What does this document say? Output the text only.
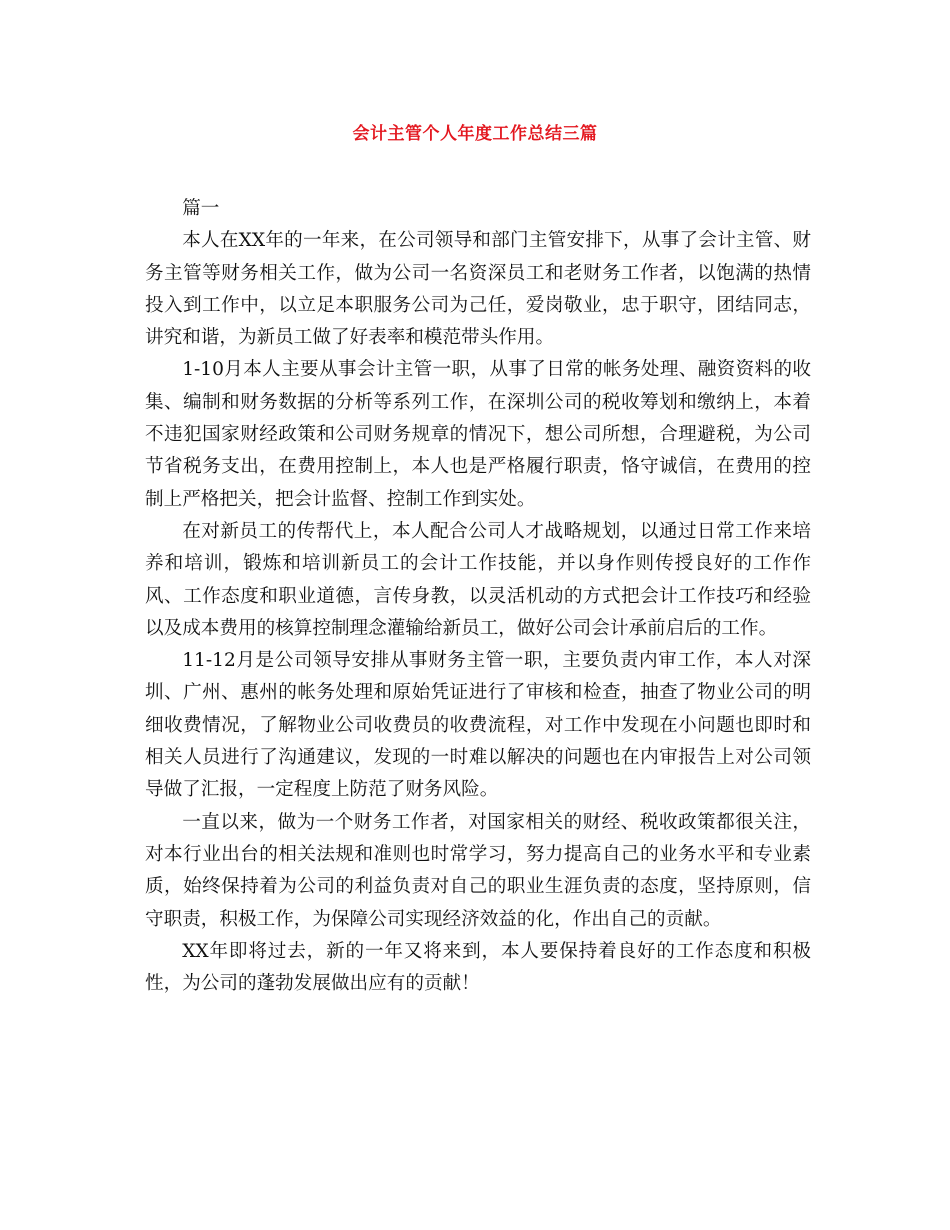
会计主管个人年度工作总结三篇

篇一

本人在XX年的一年来，在公司领导和部门主管安排下，从事了会计主管、财务主管等财务相关工作，做为公司一名资深员工和老财务工作者，以饱满的热情投入到工作中，以立足本职服务公司为己任，爱岗敬业，忠于职守，团结同志，讲究和谐，为新员工做了好表率和模范带头作用。

1-10月本人主要从事会计主管一职，从事了日常的帐务处理、融资资料的收集、编制和财务数据的分析等系列工作，在深圳公司的税收筹划和缴纳上，本着不违犯国家财经政策和公司财务规章的情况下，想公司所想，合理避税，为公司节省税务支出，在费用控制上，本人也是严格履行职责，恪守诚信，在费用的控制上严格把关，把会计监督、控制工作到实处。

在对新员工的传帮代上，本人配合公司人才战略规划，以通过日常工作来培养和培训，锻炼和培训新员工的会计工作技能，并以身作则传授良好的工作作风、工作态度和职业道德，言传身教，以灵活机动的方式把会计工作技巧和经验以及成本费用的核算控制理念灌输给新员工，做好公司会计承前启后的工作。

11-12月是公司领导安排从事财务主管一职，主要负责内审工作，本人对深圳、广州、惠州的帐务处理和原始凭证进行了审核和检查，抽查了物业公司的明细收费情况，了解物业公司收费员的收费流程，对工作中发现在小问题也即时和相关人员进行了沟通建议，发现的一时难以解决的问题也在内审报告上对公司领导做了汇报，一定程度上防范了财务风险。

一直以来，做为一个财务工作者，对国家相关的财经、税收政策都很关注，对本行业出台的相关法规和准则也时常学习，努力提高自己的业务水平和专业素质，始终保持着为公司的利益负责对自己的职业生涯负责的态度，坚持原则，信守职责，积极工作，为保障公司实现经济效益的化，作出自己的贡献。

XX年即将过去，新的一年又将来到，本人要保持着良好的工作态度和积极性，为公司的蓬勃发展做出应有的贡献！
